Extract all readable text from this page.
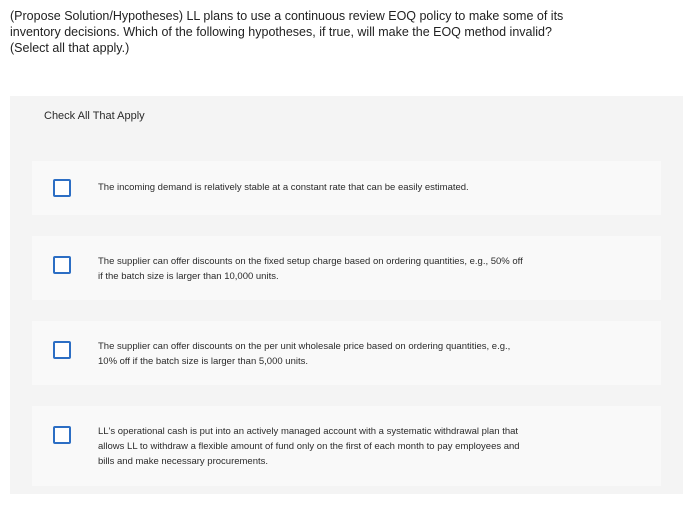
(Propose Solution/Hypotheses) LL plans to use a continuous review EOQ policy to make some of its inventory decisions. Which of the following hypotheses, if true, will make the EOQ method invalid? (Select all that apply.)
Check All That Apply
The incoming demand is relatively stable at a constant rate that can be easily estimated.
The supplier can offer discounts on the fixed setup charge based on ordering quantities, e.g., 50% off if the batch size is larger than 10,000 units.
The supplier can offer discounts on the per unit wholesale price based on ordering quantities, e.g., 10% off if the batch size is larger than 5,000 units.
LL's operational cash is put into an actively managed account with a systematic withdrawal plan that allows LL to withdraw a flexible amount of fund only on the first of each month to pay employees and bills and make necessary procurements.
